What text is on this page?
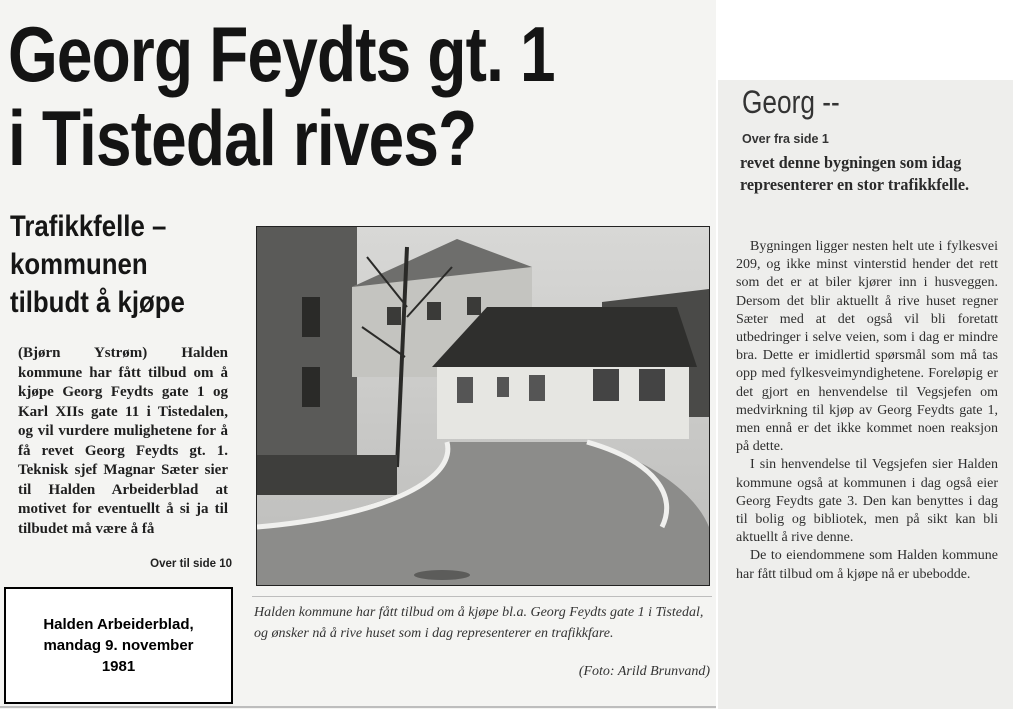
Georg Feydts gt. 1
i Tistedal rives?
Trafikkfelle –
kommunen
tilbudt å kjøpe
(Bjørn Ystrøm) Halden kommune har fått tilbud om å kjøpe Georg Feydts gate 1 og Karl XIIs gate 11 i Tistedalen, og vil vurdere mulighetene for å få revet Georg Feydts gt. 1. Teknisk sjef Magnar Sæter sier til Halden Arbeiderblad at motivet for eventuellt å si ja til tilbudet må være å få
Over til side 10
Halden kommune har fått tilbud om å kjøpe bl.a. Georg Feydts gate 1 i Tistedal, og ønsker nå å rive huset som i dag representerer en trafikkfare.
(Foto: Arild Brunvand)
Halden Arbeiderblad,
mandag 9. november
1981
Georg --
Over fra side 1
revet denne bygningen som idag representerer en stor trafikkfelle.

Bygningen ligger nesten helt ute i fylkesvei 209, og ikke minst vinterstid hender det rett som det er at biler kjører inn i husveggen. Dersom det blir aktuellt å rive huset regner Sæter med at det også vil bli foretatt utbedringer i selve veien, som i dag er mindre bra. Dette er imidlertid spørsmål som må tas opp med fylkesveimyndighetene. Foreløpig er det gjort en henvendelse til Vegsjefen om medvirkning til kjøp av Georg Feydts gate 1, men ennå er det ikke kommet noen reaksjon på dette.

I sin henvendelse til Vegsjefen sier Halden kommune også at kommunen i dag også eier Georg Feydts gate 3. Den kan benyttes i dag til bolig og bibliotek, men på sikt kan bli aktuellt å rive denne.

De to eiendommene som Halden kommune har fått tilbud om å kjøpe nå er ubebodde.
